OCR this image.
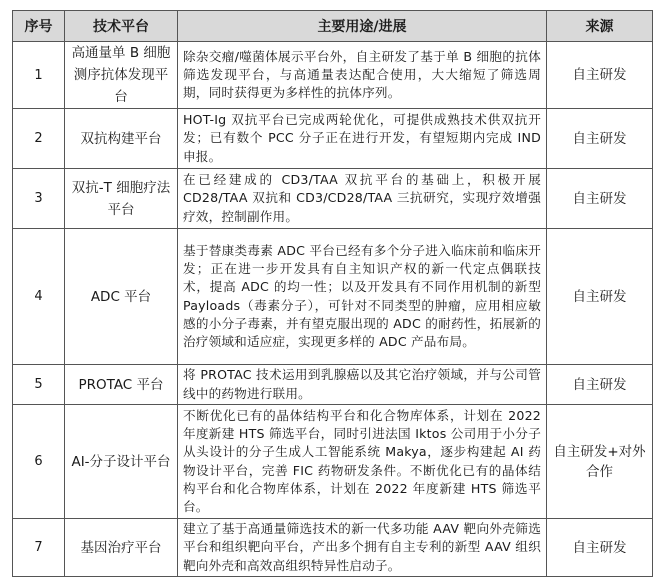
序号	技术平台	主要用途/进展	来源
1	高通量单 B 细胞测序抗体发现平台	除杂交瘤/噬菌体展示平台外，自主研发了基于单 B 细胞的抗体筛选发现平台，与高通量表达配合使用，大大缩短了筛选周期，同时获得更为多样性的抗体序列。	自主研发
2	双抗构建平台	HOT-Ig 双抗平台已完成两轮优化，可提供成熟技术供双抗开发；已有数个 PCC 分子正在进行开发，有望短期内完成 IND 申报。	自主研发
3	双抗-T 细胞疗法平台	在已经建成的 CD3/TAA 双抗平台的基础上，积极开展 CD28/TAA 双抗和 CD3/CD28/TAA 三抗研究，实现疗效增强疗效，控制副作用。	自主研发
4	ADC 平台	基于替康类毒素 ADC 平台已经有多个分子进入临床前和临床开发；正在进一步开发具有自主知识产权的新一代定点偶联技术，提高 ADC 的均一性；以及开发具有不同作用机制的新型 Payloads（毒素分子），可针对不同类型的肿瘤，应用相应敏感的小分子毒素，并有望克服出现的 ADC 的耐药性，拓展新的治疗领域和适应症，实现更多样的 ADC 产品布局。	自主研发
5	PROTAC 平台	将 PROTAC 技术运用到乳腺癌以及其它治疗领域，并与公司管线中的药物进行联用。	自主研发
6	AI-分子设计平台	不断优化已有的晶体结构平台和化合物库体系，计划在 2022 年度新建 HTS 筛选平台，同时引进法国 Iktos 公司用于小分子从头设计的分子生成人工智能系统 Makya，逐步构建起 AI 药物设计平台，完善 FIC 药物研发条件。不断优化已有的晶体结构平台和化合物库体系，计划在 2022 年度新建 HTS 筛选平台。	自主研发+对外合作
7	基因治疗平台	建立了基于高通量筛选技术的新一代多功能 AAV 靶向外壳筛选平台和组织靶向平台，产出多个拥有自主专利的新型 AAV 组织靶向外壳和高效高组织特异性启动子。	自主研发
